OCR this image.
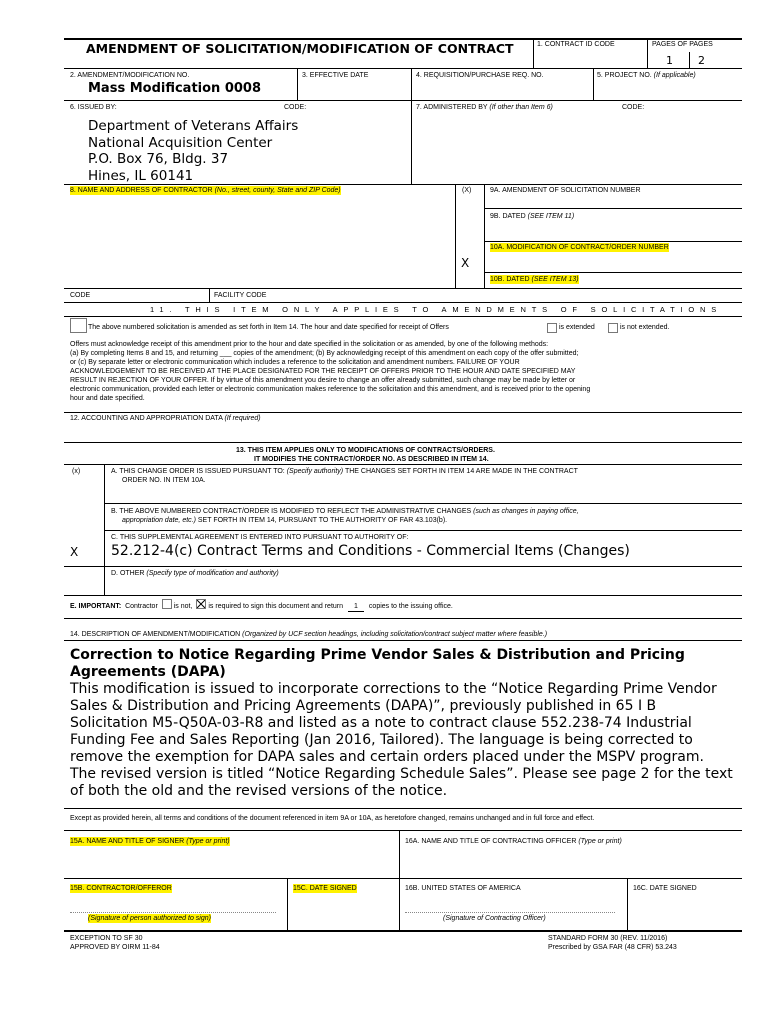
AMENDMENT OF SOLICITATION/MODIFICATION OF CONTRACT	1. CONTRACT ID CODE	PAGES OF PAGES
1 2
2. AMENDMENT/MODIFICATION NO.
Mass Modification 0008
3. EFFECTIVE DATE	4. REQUISITION/PURCHASE REQ. NO.	5. PROJECT NO. (If applicable)
6. ISSUED BY:	CODE:	7. ADMINISTERED BY (If other than Item 6)	CODE:
Department of Veterans Affairs
National Acquisition Center
P.O. Box 76, Bldg. 37
Hines, IL 60141
8. NAME AND ADDRESS OF CONTRACTOR (No., street, county, State and ZIP Code)	(X)	9A. AMENDMENT OF SOLICITATION NUMBER
9B. DATED (SEE ITEM 11)
10A. MODIFICATION OF CONTRACT/ORDER NUMBER
X
10B. DATED (SEE ITEM 13)
CODE	FACILITY CODE
11. THIS ITEM ONLY APPLIES TO AMENDMENTS OF SOLICITATIONS
The above numbered solicitation is amended as set forth in Item 14. The hour and date specified for receipt of Offers	is extended	is not extended.
Offers must acknowledge receipt of this amendment prior to the hour and date specified in the solicitation or as amended, by one of the following methods:
(a) By completing Items 8 and 15, and returning ___ copies of the amendment; (b) By acknowledging receipt of this amendment on each copy of the offer submitted;
or (c) By separate letter or electronic communication which includes a reference to the solicitation and amendment numbers. FAILURE OF YOUR
ACKNOWLEDGEMENT TO BE RECEIVED AT THE PLACE DESIGNATED FOR THE RECEIPT OF OFFERS PRIOR TO THE HOUR AND DATE SPECIFIED MAY
RESULT IN REJECTION OF YOUR OFFER. If by virtue of this amendment you desire to change an offer already submitted, such change may be made by letter or
electronic communication, provided each letter or electronic communication makes reference to the solicitation and this amendment, and is received prior to the opening
hour and date specified.
12. ACCOUNTING AND APPROPRIATION DATA (If required)
13. THIS ITEM APPLIES ONLY TO MODIFICATIONS OF CONTRACTS/ORDERS.
IT MODIFIES THE CONTRACT/ORDER NO. AS DESCRIBED IN ITEM 14.
(x)	A. THIS CHANGE ORDER IS ISSUED PURSUANT TO: (Specify authority) THE CHANGES SET FORTH IN ITEM 14 ARE MADE IN THE CONTRACT
ORDER NO. IN ITEM 10A.
B. THE ABOVE NUMBERED CONTRACT/ORDER IS MODIFIED TO REFLECT THE ADMINISTRATIVE CHANGES (such as changes in paying office,
appropriation date, etc.) SET FORTH IN ITEM 14, PURSUANT TO THE AUTHORITY OF FAR 43.103(b).
C. THIS SUPPLEMENTAL AGREEMENT IS ENTERED INTO PURSUANT TO AUTHORITY OF:
X 52.212-4(c) Contract Terms and Conditions - Commercial Items (Changes)
D. OTHER (Specify type of modification and authority)
E. IMPORTANT: Contractor is not, is required to sign this document and return 1 copies to the issuing office.
14. DESCRIPTION OF AMENDMENT/MODIFICATION (Organized by UCF section headings, including solicitation/contract subject matter where feasible.)
Correction to Notice Regarding Prime Vendor Sales & Distribution and Pricing
Agreements (DAPA)
This modification is issued to incorporate corrections to the “Notice Regarding Prime Vendor
Sales & Distribution and Pricing Agreements (DAPA)”, previously published in 65 I B
Solicitation M5-Q50A-03-R8 and listed as a note to contract clause 552.238-74 Industrial
Funding Fee and Sales Reporting (Jan 2016, Tailored). The language is being corrected to
remove the exemption for DAPA sales and certain orders placed under the MSPV program.
The revised version is titled “Notice Regarding Schedule Sales”. Please see page 2 for the text
of both the old and the revised versions of the notice.
Except as provided herein, all terms and conditions of the document referenced in item 9A or 10A, as heretofore changed, remains unchanged and in full force and effect.
15A. NAME AND TITLE OF SIGNER (Type or print)	16A. NAME AND TITLE OF CONTRACTING OFFICER (Type or print)
15B. CONTRACTOR/OFFEROR	15C. DATE SIGNED	16B. UNITED STATES OF AMERICA	16C. DATE SIGNED
(Signature of person authorized to sign)	(Signature of Contracting Officer)
EXCEPTION TO SF 30
APPROVED BY OIRM 11-84
STANDARD FORM 30 (REV. 11/2016)
Prescribed by GSA FAR (48 CFR) 53.243
